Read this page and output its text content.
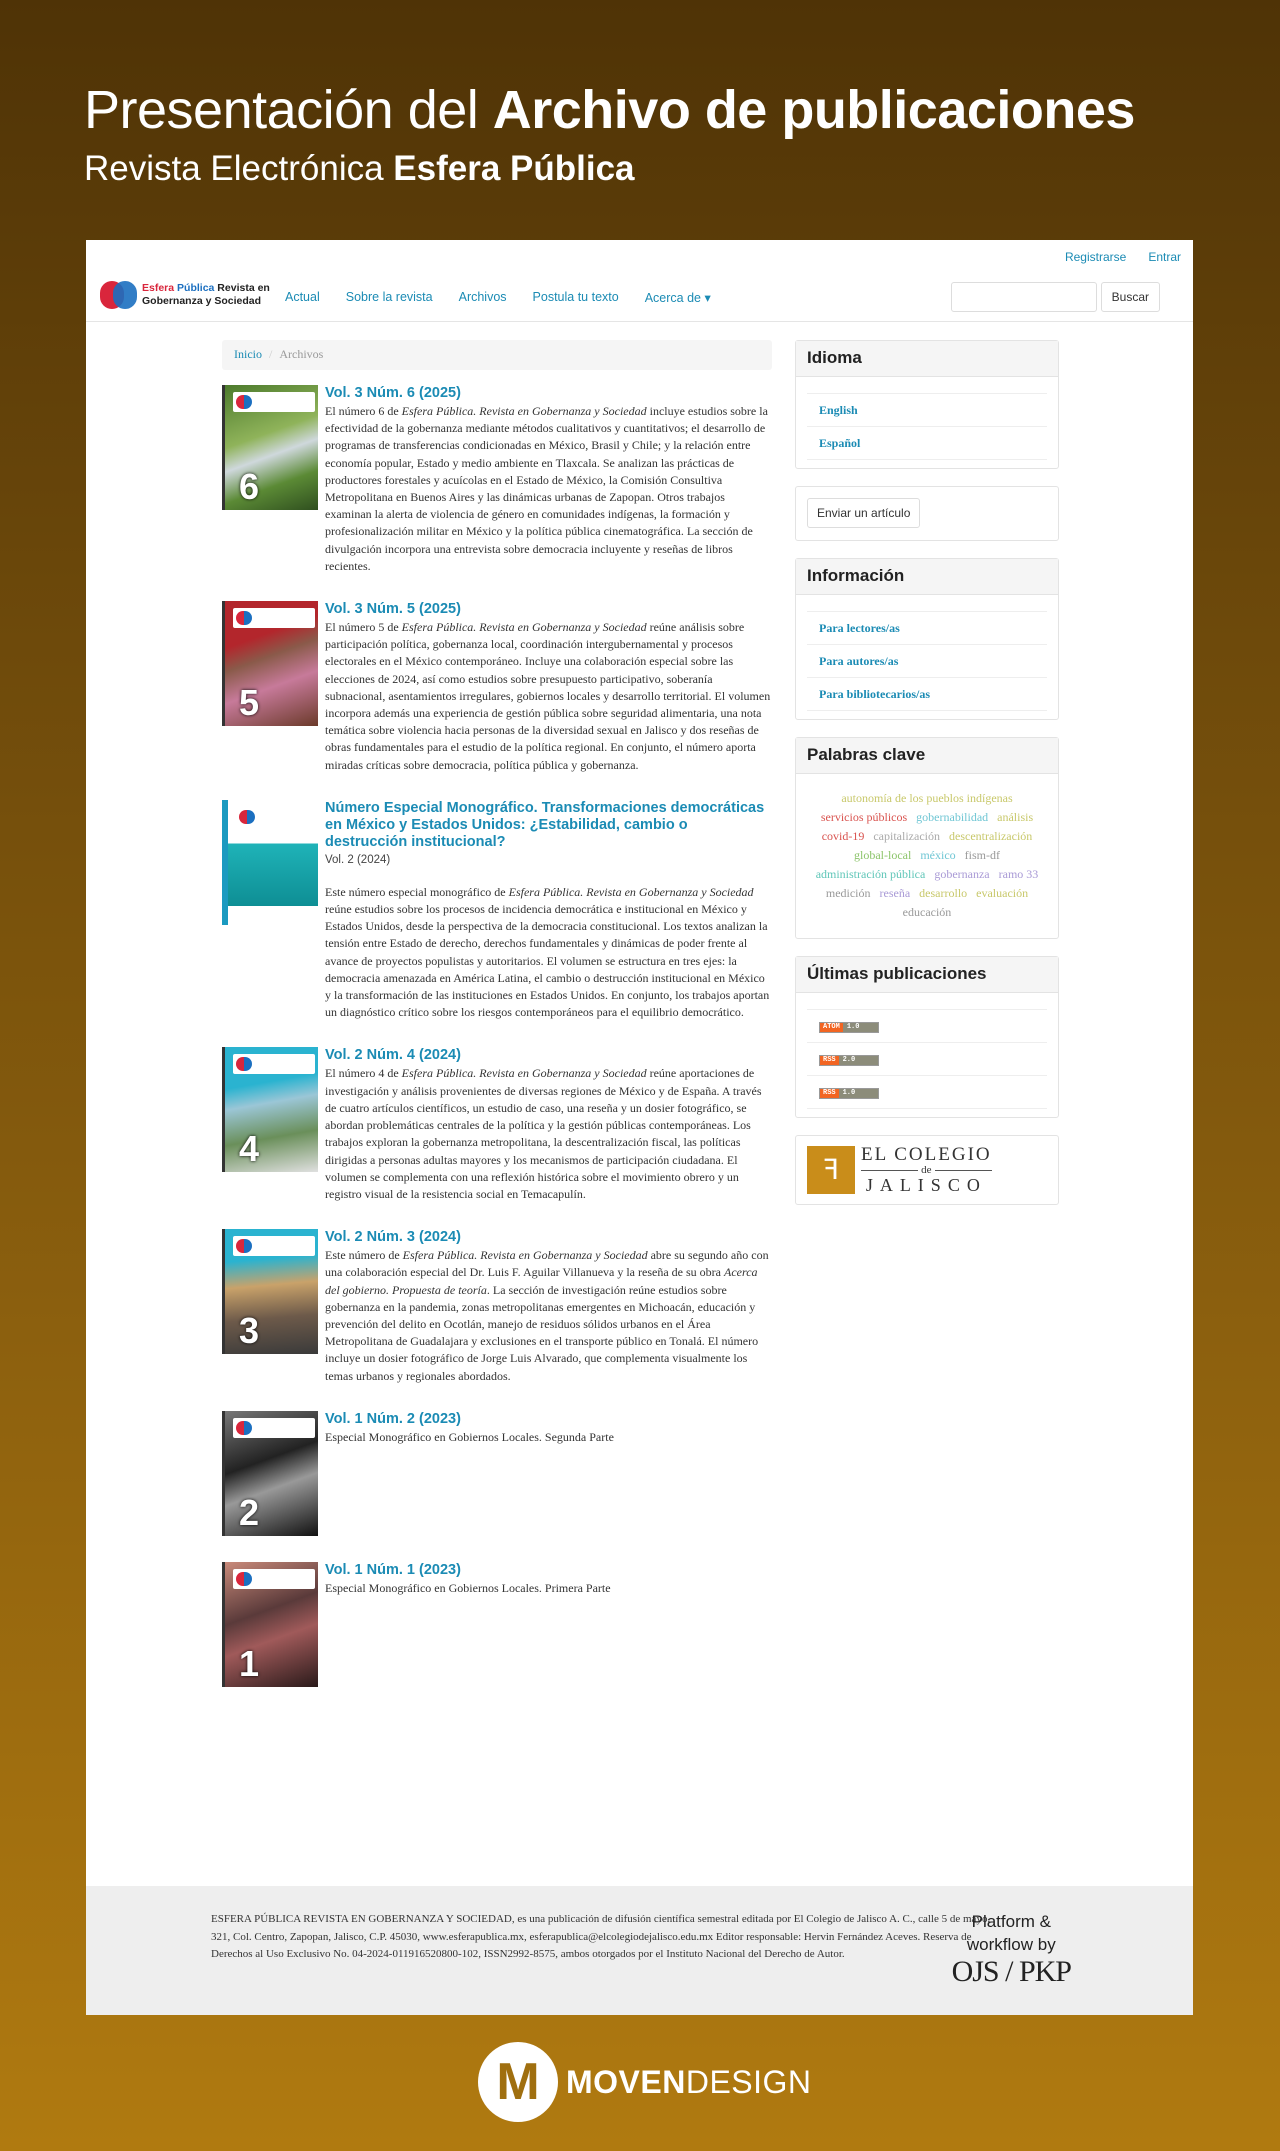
Presentación del Archivo de publicaciones
Revista Electrónica Esfera Pública
Registrarse Entrar
Esfera Pública Revista en
Gobernanza y Sociedad	Actual Sobre la revista Archivos Postula tu texto Acerca de ▾	Buscar
Inicio / Archivos
6
Vol. 3 Núm. 6 (2025)

El número 6 de Esfera Pública. Revista en Gobernanza y Sociedad incluye estudios sobre la efectividad de la gobernanza mediante métodos cualitativos y cuantitativos; el desarrollo de programas de transferencias condicionadas en México, Brasil y Chile; y la relación entre economía popular, Estado y medio ambiente en Tlaxcala. Se analizan las prácticas de productores forestales y acuícolas en el Estado de México, la Comisión Consultiva Metropolitana en Buenos Aires y las dinámicas urbanas de Zapopan. Otros trabajos examinan la alerta de violencia de género en comunidades indígenas, la formación y profesionalización militar en México y la política pública cinematográfica. La sección de divulgación incorpora una entrevista sobre democracia incluyente y reseñas de libros recientes.

5
Vol. 3 Núm. 5 (2025)

El número 5 de Esfera Pública. Revista en Gobernanza y Sociedad reúne análisis sobre participación política, gobernanza local, coordinación intergubernamental y procesos electorales en el México contemporáneo. Incluye una colaboración especial sobre las elecciones de 2024, así como estudios sobre presupuesto participativo, soberanía subnacional, asentamientos irregulares, gobiernos locales y desarrollo territorial. El volumen incorpora además una experiencia de gestión pública sobre seguridad alimentaria, una nota temática sobre violencia hacia personas de la diversidad sexual en Jalisco y dos reseñas de obras fundamentales para el estudio de la política regional. En conjunto, el número aporta miradas críticas sobre democracia, política pública y gobernanza.

Número Especial Monográfico. Transformaciones democráticas en México y Estados Unidos: ¿Estabilidad, cambio o destrucción institucional?

Vol. 2 (2024)

Este número especial monográfico de Esfera Pública. Revista en Gobernanza y Sociedad reúne estudios sobre los procesos de incidencia democrática e institucional en México y Estados Unidos, desde la perspectiva de la democracia constitucional. Los textos analizan la tensión entre Estado de derecho, derechos fundamentales y dinámicas de poder frente al avance de proyectos populistas y autoritarios. El volumen se estructura en tres ejes: la democracia amenazada en América Latina, el cambio o destrucción institucional en México y la transformación de las instituciones en Estados Unidos. En conjunto, los trabajos aportan un diagnóstico crítico sobre los riesgos contemporáneos para el equilibrio democrático.

4
Vol. 2 Núm. 4 (2024)

El número 4 de Esfera Pública. Revista en Gobernanza y Sociedad reúne aportaciones de investigación y análisis provenientes de diversas regiones de México y de España. A través de cuatro artículos científicos, un estudio de caso, una reseña y un dosier fotográfico, se abordan problemáticas centrales de la política y la gestión públicas contemporáneas. Los trabajos exploran la gobernanza metropolitana, la descentralización fiscal, las políticas dirigidas a personas adultas mayores y los mecanismos de participación ciudadana. El volumen se complementa con una reflexión histórica sobre el movimiento obrero y un registro visual de la resistencia social en Temacapulín.

3
Vol. 2 Núm. 3 (2024)

Este número de Esfera Pública. Revista en Gobernanza y Sociedad abre su segundo año con una colaboración especial del Dr. Luis F. Aguilar Villanueva y la reseña de su obra Acerca del gobierno. Propuesta de teoría. La sección de investigación reúne estudios sobre gobernanza en la pandemia, zonas metropolitanas emergentes en Michoacán, educación y prevención del delito en Ocotlán, manejo de residuos sólidos urbanos en el Área Metropolitana de Guadalajara y exclusiones en el transporte público en Tonalá. El número incluye un dosier fotográfico de Jorge Luis Alvarado, que complementa visualmente los temas urbanos y regionales abordados.

2
Vol. 1 Núm. 2 (2023)

Especial Monográfico en Gobiernos Locales. Segunda Parte

1
Vol. 1 Núm. 1 (2023)

Especial Monográfico en Gobiernos Locales. Primera Parte

Idioma
English
Español
Enviar un artículo
Información
Para lectores/as
Para autores/as
Para bibliotecarios/as
Palabras clave
autonomía de los pueblos indígenas
servicios públicos gobernabilidad análisis
covid-19 capitalización descentralización
global-local méxico fism-df
administración pública gobernanza ramo 33
medición reseña desarrollo evaluación
educación
Últimas publicaciones
ATOM	1.0
RSS	2.0
RSS	1.0
ꟻ
EL COLEGIO
de
JALISCO

ESFERA PÚBLICA REVISTA EN GOBERNANZA Y SOCIEDAD, es una publicación de difusión científica semestral editada por El Colegio de Jalisco A. C., calle 5 de mayo, 321, Col. Centro, Zapopan, Jalisco, C.P. 45030, www.esferapublica.mx, esferapublica@elcolegiodejalisco.edu.mx Editor responsable: Hervin Fernández Aceves. Reserva de Derechos al Uso Exclusivo No. 04-2024-011916520800-102, ISSN2992-8575, ambos otorgados por el Instituto Nacional del Derecho de Autor.

Platform &
workflow by
OJS / PKP
M MOVENDESIGN
